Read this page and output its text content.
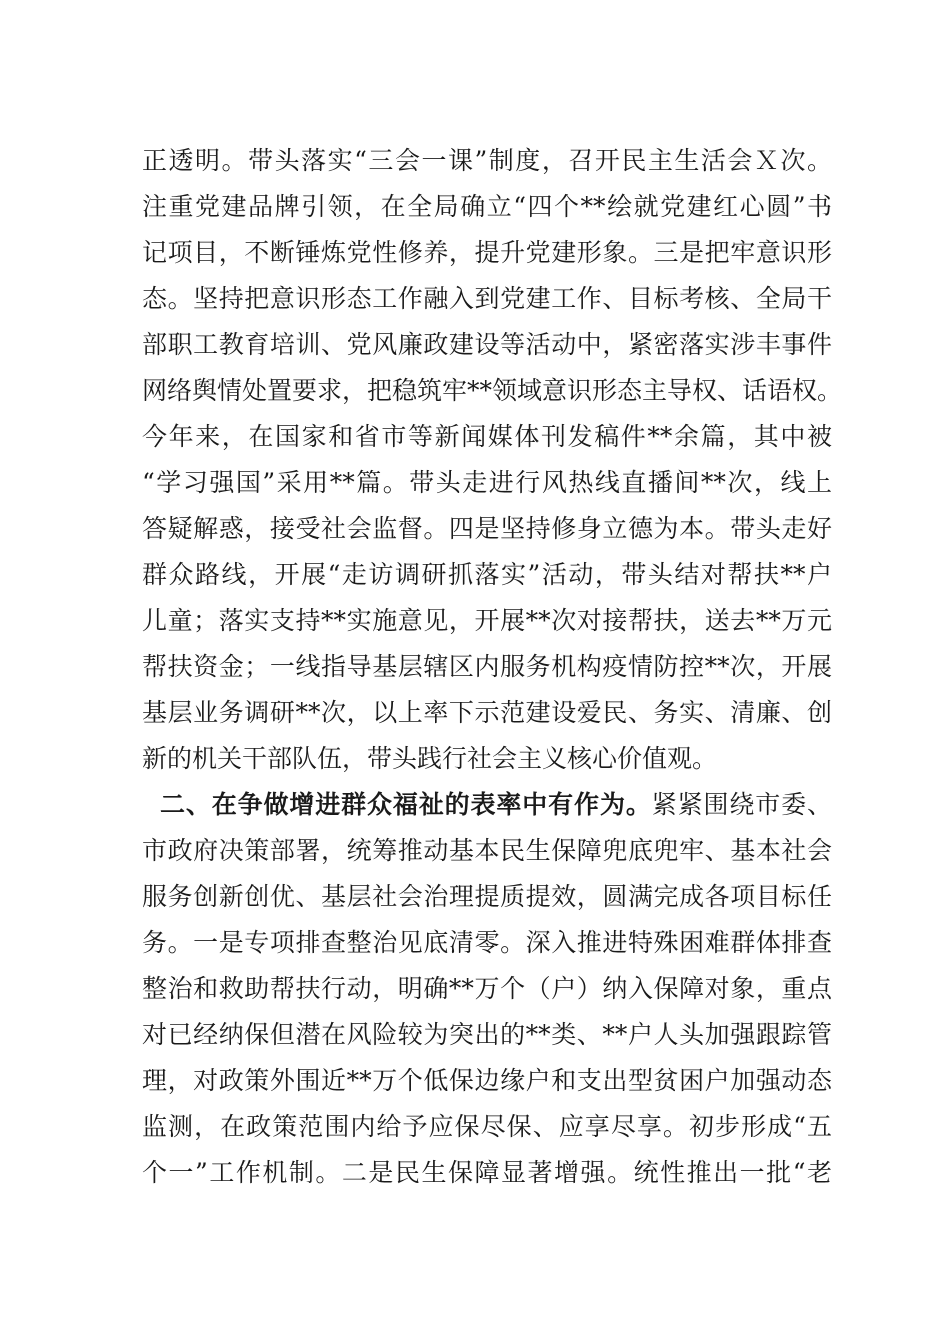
正透明。带头落实“三会一课”制度，召开民主生活会Ｘ次。
注重党建品牌引领，在全局确立“四个**绘就党建红心圆”书
记项目，不断锤炼党性修养，提升党建形象。三是把牢意识形
态。坚持把意识形态工作融入到党建工作、目标考核、全局干
部职工教育培训、党风廉政建设等活动中，紧密落实涉丰事件
网络舆情处置要求，把稳筑牢**领域意识形态主导权、话语权。
今年来，在国家和省市等新闻媒体刊发稿件**余篇，其中被
“学习强国”采用**篇。带头走进行风热线直播间**次，线上
答疑解惑，接受社会监督。四是坚持修身立德为本。带头走好
群众路线，开展“走访调研抓落实”活动，带头结对帮扶**户
儿童；落实支持**实施意见，开展**次对接帮扶，送去**万元
帮扶资金；一线指导基层辖区内服务机构疫情防控**次，开展
基层业务调研**次，以上率下示范建设爱民、务实、清廉、创
新的机关干部队伍，带头践行社会主义核心价值观。
二、在争做增进群众福祉的表率中有作为。紧紧围绕市委、
市政府决策部署，统筹推动基本民生保障兜底兜牢、基本社会
服务创新创优、基层社会治理提质提效，圆满完成各项目标任
务。一是专项排查整治见底清零。深入推进特殊困难群体排查
整治和救助帮扶行动，明确**万个（户）纳入保障对象，重点
对已经纳保但潜在风险较为突出的**类、**户人头加强跟踪管
理，对政策外围近**万个低保边缘户和支出型贫困户加强动态
监测，在政策范围内给予应保尽保、应享尽享。初步形成“五
个一”工作机制。二是民生保障显著增强。统性推出一批“老
